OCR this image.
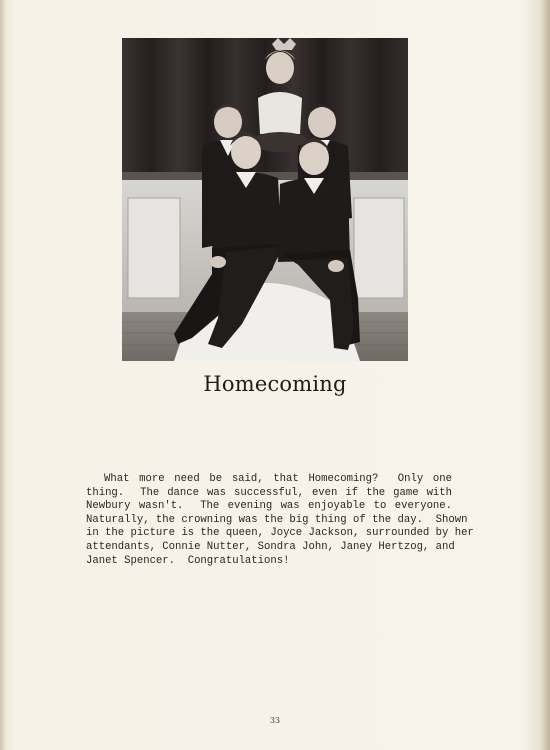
Homecoming
What more need be said, that Homecoming?  Only one
thing.  The dance was successful, even if the game with
Newbury wasn't.  The evening was enjoyable to everyone.
Naturally, the crowning was the big thing of the day.  Shown
in the picture is the queen, Joyce Jackson, surrounded by her
attendants, Connie Nutter, Sondra John, Janey Hertzog, and
Janet Spencer.  Congratulations!
33
